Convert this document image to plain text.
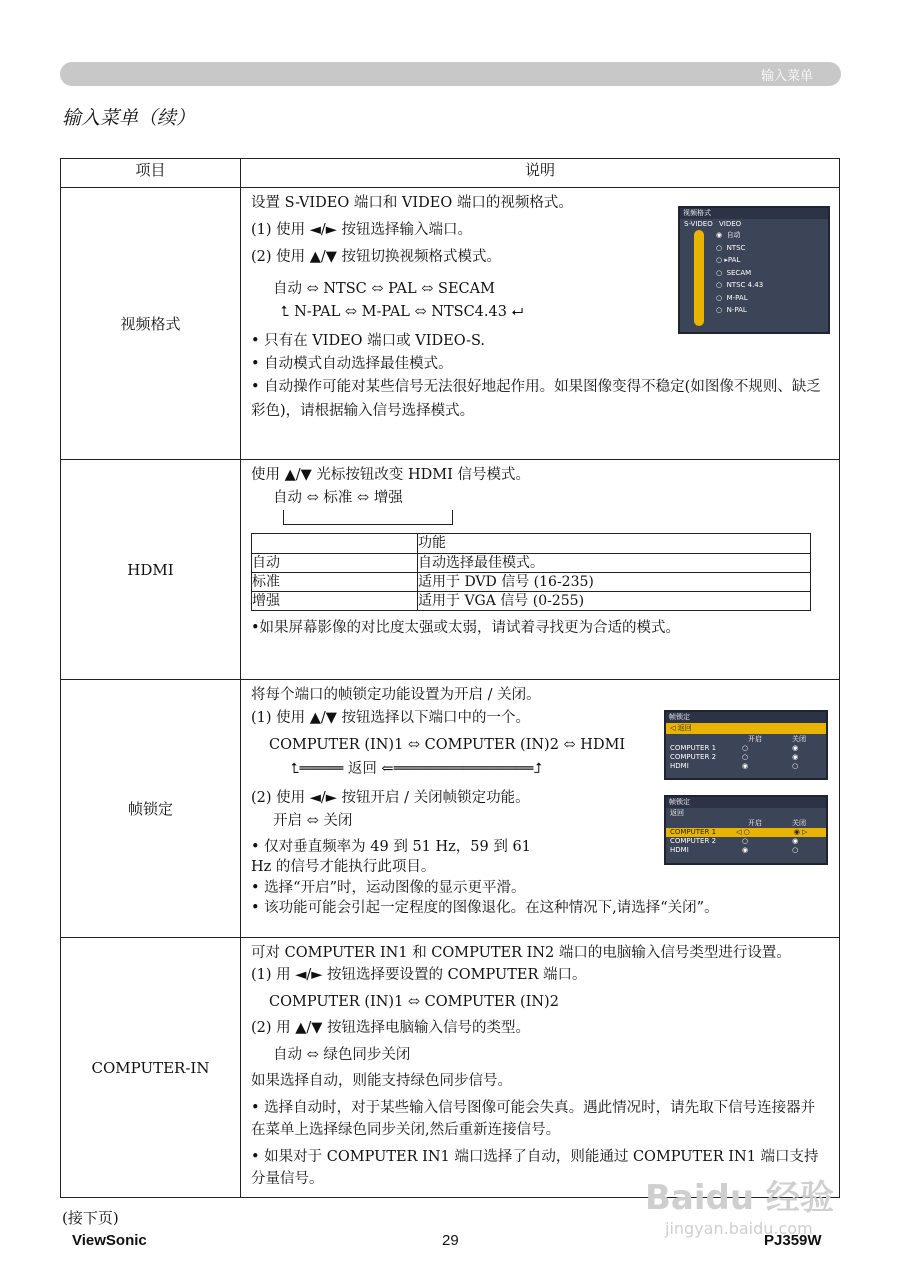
输入菜单
输入菜单（续）
项目	说明
视频格式	

设置 S-VIDEO 端口和 VIDEO 端口的视频格式。

(1) 使用 ◄/► 按钮选择输入端口。

(2) 使用 ▲/▼ 按钮切换视频格式模式。

自动 ⬄ NTSC ⬄ PAL ⬄ SECAM

⮤ N-PAL ⬄ M-PAL ⬄ NTSC4.43 ⮠

• 只有在 VIDEO 端口或 VIDEO-S.

• 自动模式自动选择最佳模式。

• 自动操作可能对某些信号无法很好地起作用。如果图像变得不稳定(如图像不规则、缺乏彩色)，请根据输入信号选择模式。

视频格式
S-VIDEO VIDEO
◉ 自动
○  NTSC
○ ▸PAL
○  SECAM
○  NTSC 4.43
○  M-PAL
○  N-PAL

HDMI	

使用 ▲/▼ 光标按钮改变 HDMI 信号模式。

自动 ⬄ 标准 ⬄ 增强

	功能
自动	自动选择最佳模式。
标准	适用于 DVD 信号 (16-235)
增强	适用于 VGA 信号 (0-255)

•如果屏幕影像的对比度太强或太弱，请试着寻找更为合适的模式。

帧锁定	

将每个端口的帧锁定功能设置为开启 / 关闭。

(1) 使用 ▲/▼ 按钮选择以下端口中的一个。

COMPUTER (IN)1 ⬄ COMPUTER (IN)2 ⬄ HDMI

⮤═════ 返回 ⇐════════════════⮥

(2) 使用 ◄/► 按钮开启 / 关闭帧锁定功能。

开启 ⬄ 关闭

• 仅对垂直频率为 49 到 51 Hz，59 到 61

Hz 的信号才能执行此项目。

• 选择“开启”时，运动图像的显示更平滑。

• 该功能可能会引起一定程度的图像退化。在这种情况下,请选择“关闭”。

帧锁定
◁ 返回
开启	关闭
COMPUTER 1	○	◉
COMPUTER 2	○	◉
HDMI	◉	○
帧锁定
返回
开启	关闭
COMPUTER 1	◁ ○	◉ ▷
COMPUTER 2	○	◉
HDMI	◉	○

COMPUTER-IN	

可对 COMPUTER IN1 和 COMPUTER IN2 端口的电脑输入信号类型进行设置。

(1) 用 ◄/► 按钮选择要设置的 COMPUTER 端口。

COMPUTER (IN)1 ⬄ COMPUTER (IN)2

(2) 用 ▲/▼ 按钮选择电脑输入信号的类型。

自动 ⬄ 绿色同步关闭

如果选择自动，则能支持绿色同步信号。

• 选择自动时，对于某些输入信号图像可能会失真。遇此情况时，请先取下信号连接器并在菜单上选择绿色同步关闭,然后重新连接信号。

• 如果对于 COMPUTER IN1 端口选择了自动，则能通过 COMPUTER IN1 端口支持分量信号。

(接下页)
ViewSonic	29	PJ359W
Baidu 经验
jingyan.baidu.com
